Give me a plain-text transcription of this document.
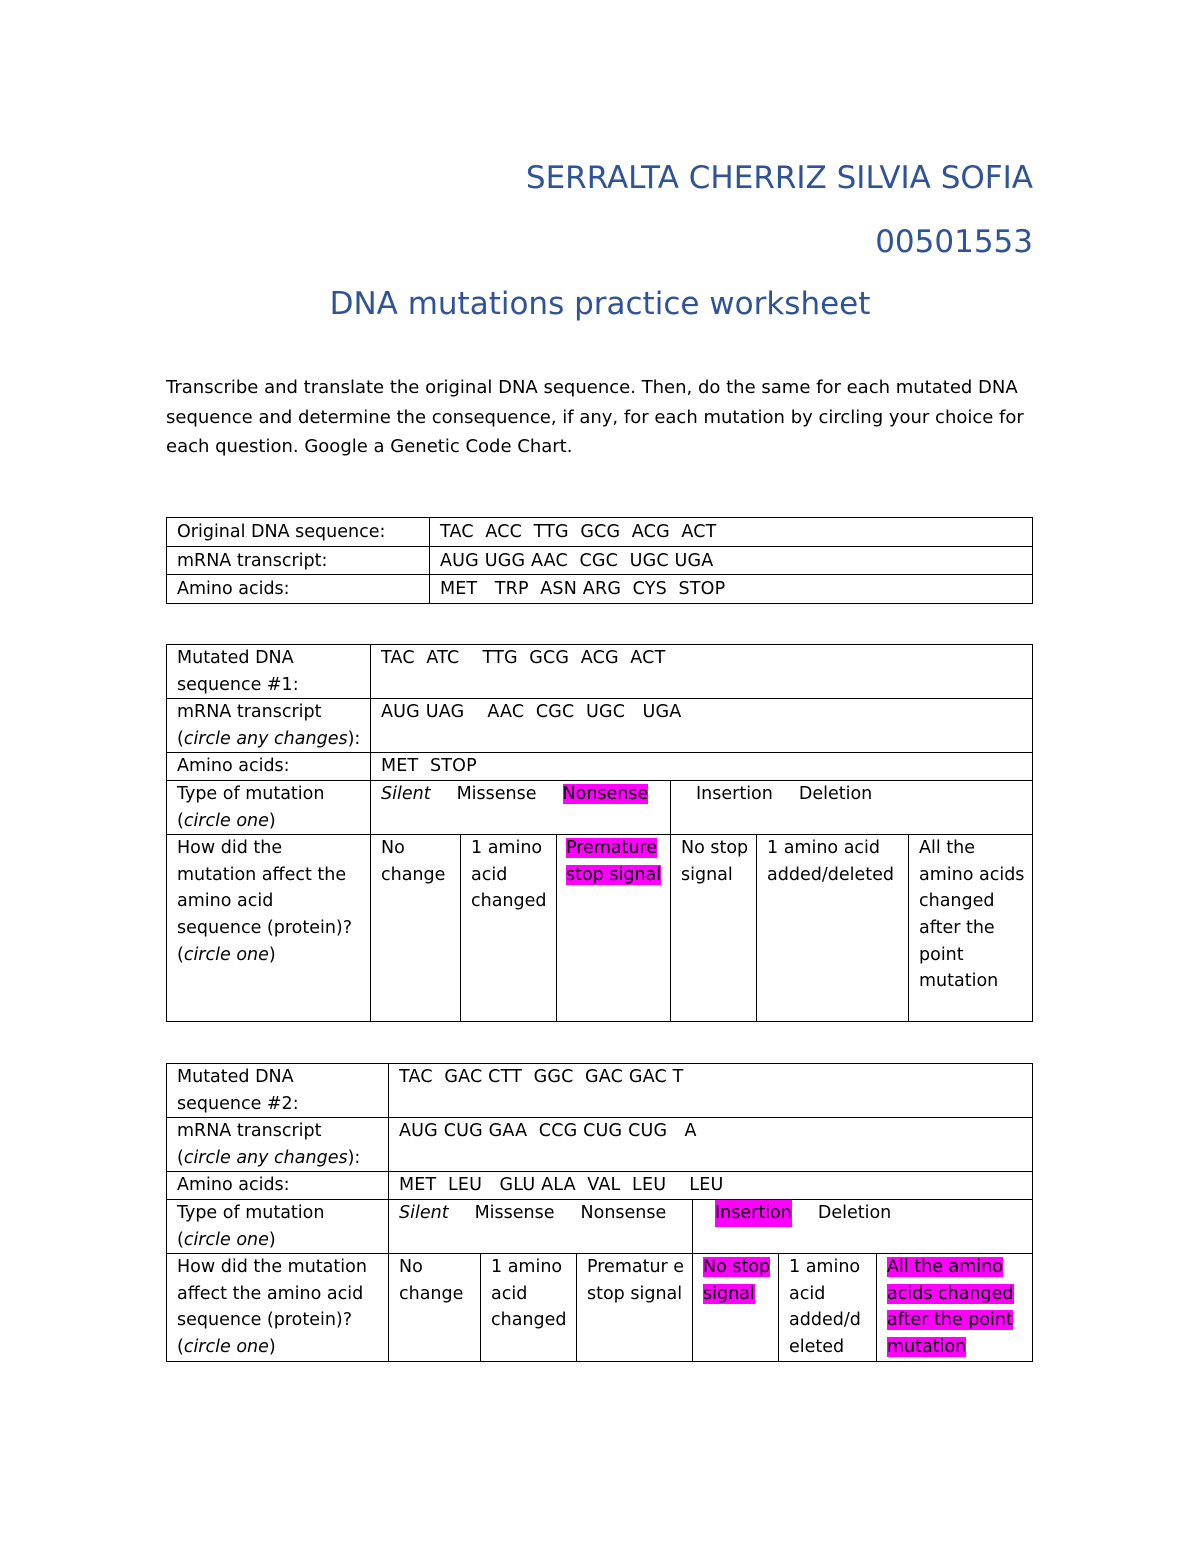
SERRALTA CHERRIZ SILVIA SOFIA
00501553
DNA mutations practice worksheet
Transcribe and translate the original DNA sequence. Then, do the same for each mutated DNA sequence and determine the consequence, if any, for each mutation by circling your choice for each question. Google a Genetic Code Chart.
Original DNA sequence:	TAC  ACC  TTG  GCG  ACG  ACT
mRNA transcript:	AUG UGG AAC  CGC  UGC UGA
Amino acids:	MET   TRP  ASN ARG  CYS  STOP
Mutated DNA sequence #1:	TAC  ATC    TTG  GCG  ACG  ACT					
mRNA transcript
(circle any changes):	AUG UAG    AAC  CGC  UGC   UGA					
Amino acids:	MET  STOP					
Type of mutation
(circle one)	Silent Missense Nonsense			Insertion Deletion		
How did the mutation affect the amino acid sequence (protein)?
(circle one)	No change	1 amino acid changed	Premature stop signal	No stop signal	1 amino acid added/deleted	All the amino acids changed after the point mutation
Mutated DNA sequence #2:	TAC  GAC CTT  GGC  GAC GAC T					
mRNA transcript
(circle any changes):	AUG CUG GAA  CCG CUG CUG   A					
Amino acids:	MET  LEU   GLU ALA  VAL  LEU    LEU					
Type of mutation
(circle one)	Silent Missense Nonsense			Insertion Deletion		
How did the mutation affect the amino acid sequence (protein)?
(circle one)	No change	1 amino acid changed	Prematur e stop signal	No stop signal	1 amino acid added/d eleted	All the amino acids changed after the point mutation
